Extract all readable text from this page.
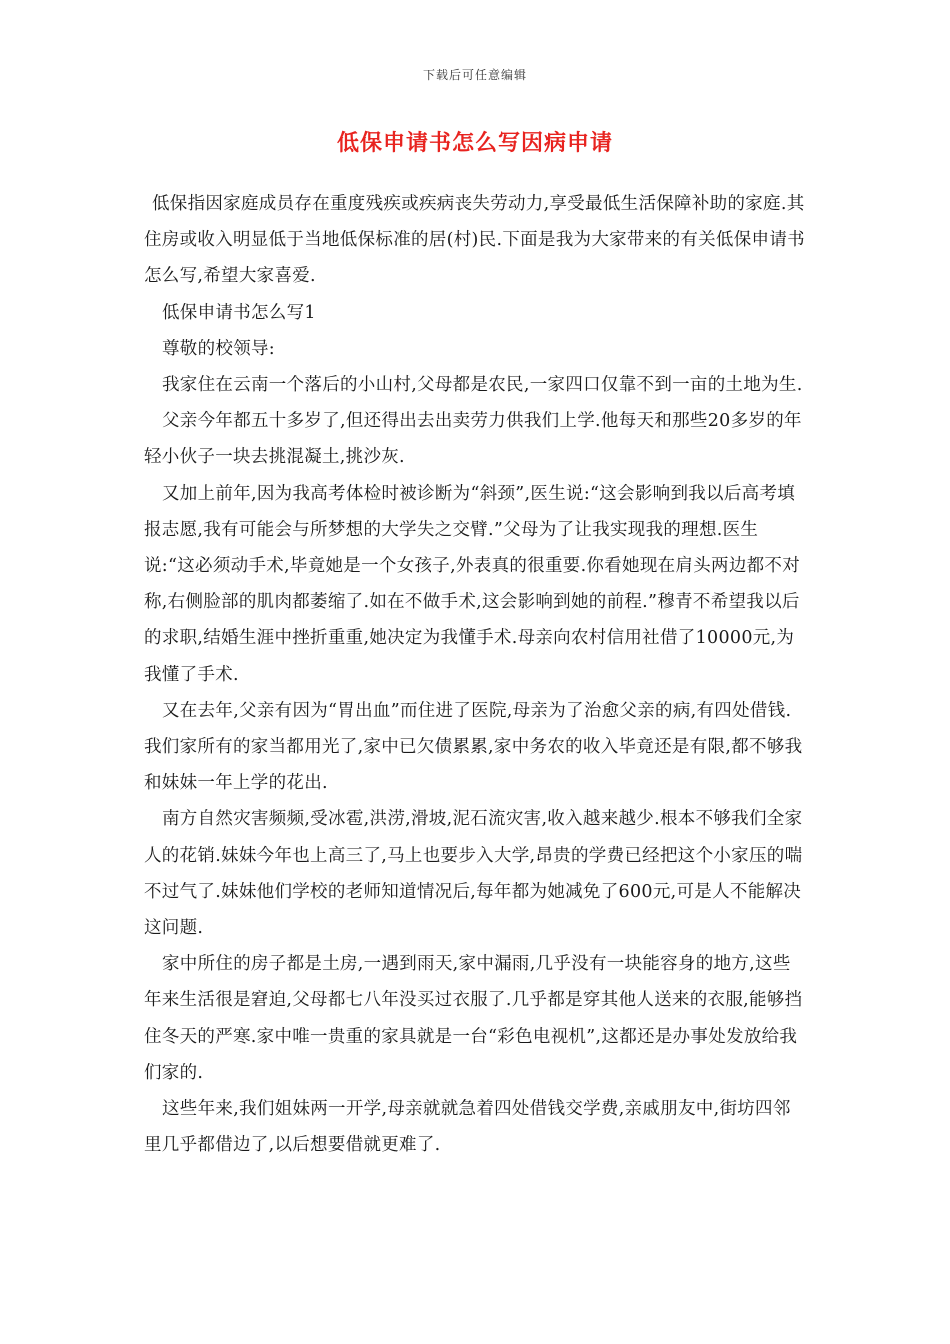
下载后可任意编辑
低保申请书怎么写因病申请

低保指因家庭成员存在重度残疾或疾病丧失劳动力,享受最低生活保障补助的家庭.其住房或收入明显低于当地低保标准的居(村)民.下面是我为大家带来的有关低保申请书怎么写,希望大家喜爱.

低保申请书怎么写1

尊敬的校领导:

我家住在云南一个落后的小山村,父母都是农民,一家四口仅靠不到一亩的土地为生.

父亲今年都五十多岁了,但还得出去出卖劳力供我们上学.他每天和那些20多岁的年轻小伙子一块去挑混凝土,挑沙灰.

又加上前年,因为我高考体检时被诊断为“斜颈”,医生说:“这会影响到我以后高考填报志愿,我有可能会与所梦想的大学失之交臂.”父母为了让我实现我的理想.医生说:“这必须动手术,毕竟她是一个女孩子,外表真的很重要.你看她现在肩头两边都不对称,右侧脸部的肌肉都萎缩了.如在不做手术,这会影响到她的前程.”穆青不希望我以后的求职,结婚生涯中挫折重重,她决定为我懂手术.母亲向农村信用社借了10000元,为我懂了手术.

又在去年,父亲有因为“胃出血”而住进了医院,母亲为了治愈父亲的病,有四处借钱.我们家所有的家当都用光了,家中已欠债累累,家中务农的收入毕竟还是有限,都不够我和妹妹一年上学的花出.

南方自然灾害频频,受冰雹,洪涝,滑坡,泥石流灾害,收入越来越少.根本不够我们全家人的花销.妹妹今年也上高三了,马上也要步入大学,昂贵的学费已经把这个小家压的喘不过气了.妹妹他们学校的老师知道情况后,每年都为她减免了600元,可是人不能解决这问题.

家中所住的房子都是土房,一遇到雨天,家中漏雨,几乎没有一块能容身的地方,这些年来生活很是窘迫,父母都七八年没买过衣服了.几乎都是穿其他人送来的衣服,能够挡住冬天的严寒.家中唯一贵重的家具就是一台“彩色电视机”,这都还是办事处发放给我们家的.

这些年来,我们姐妹两一开学,母亲就就急着四处借钱交学费,亲戚朋友中,街坊四邻里几乎都借边了,以后想要借就更难了.
